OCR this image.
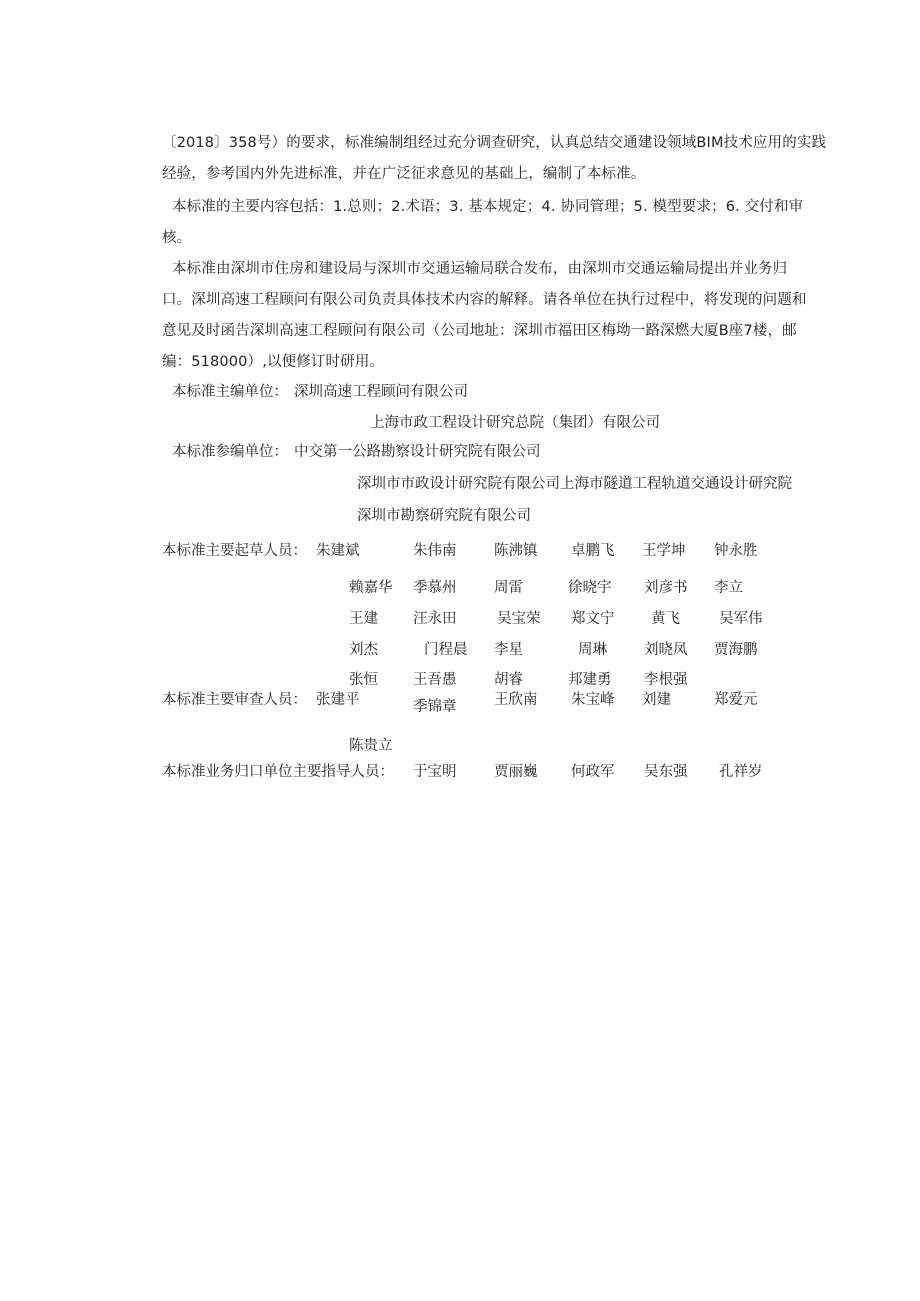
〔2018〕358号）的要求，标准编制组经过充分调查研究，认真总结交通建设领域BIM技术应用的实践
经验，参考国内外先进标准，并在广泛征求意见的基础上，编制了本标准。
本标准的主要内容包括：1.总则；2.术语；3. 基本规定；4. 协同管理；5. 模型要求；6. 交付和审
核。
本标准由深圳市住房和建设局与深圳市交通运输局联合发布，由深圳市交通运输局提出并业务归
口。深圳高速工程顾问有限公司负责具体技术内容的解释。请各单位在执行过程中，将发现的问题和
意见及时函告深圳高速工程顾问有限公司（公司地址：深圳市福田区梅坳一路深燃大厦B座7楼，邮
编：518000）,以便修订时研用。
本标准主编单位： 深圳高速工程顾问有限公司
上海市政工程设计研究总院（集团）有限公司
本标准参编单位： 中交第一公路勘察设计研究院有限公司
深圳市市政设计研究院有限公司上海市隧道工程轨道交通设计研究院
深圳市勘察研究院有限公司
本标准主要起草人员： 朱建斌	朱伟南	陈沸镇 卓鹏飞 王学坤 钟永胜
赖嘉华 季慕州	周雷	徐晓宇 刘彦书 李立
王建 汪永田	吴宝荣 郑文宁	黄飞	吴军伟
刘杰	门程晨 李星	周琳	刘晓凤 贾海鹏
张恒 王吾愚	胡睿	邦建勇 李根强
本标准主要审查人员： 张建平	季锦章	王欣南 朱宝峰 刘建	郑爱元
陈贵立
本标准业务归口单位主要指导人员： 于宝明	贾丽巍 何政军 吴东强 孔祥岁
